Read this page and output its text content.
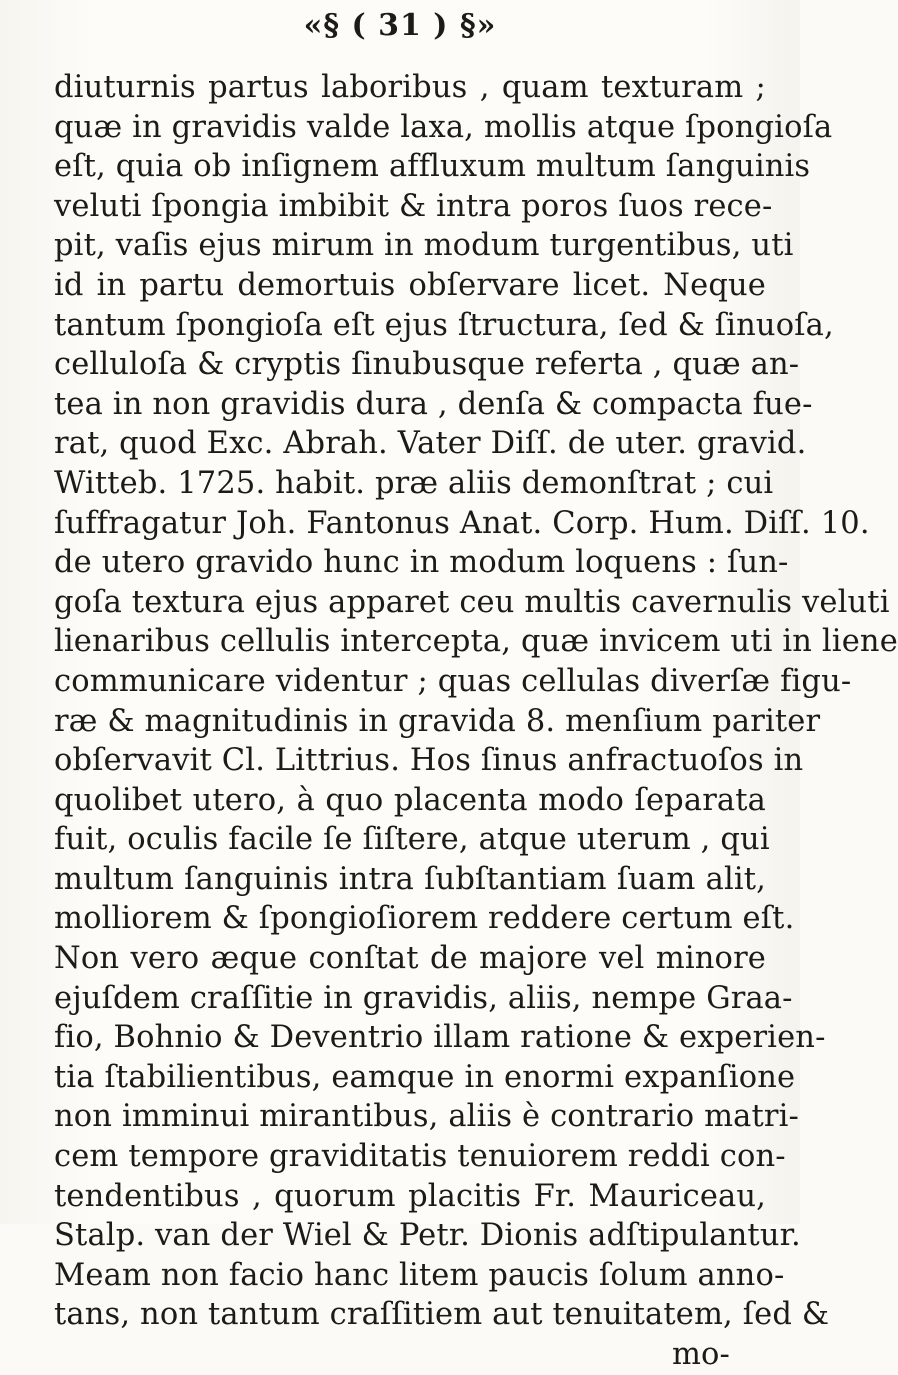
«§ ( 31 ) §»
diuturnis partus laboribus , quam texturam ;
quæ in gravidis valde laxa, mollis atque ſpongioſa
eſt, quia ob inſignem affluxum multum ſanguinis
veluti ſpongia imbibit & intra poros ſuos rece-
pit, vaſis ejus mirum in modum turgentibus, uti
id in partu demortuis obſervare licet. Neque
tantum ſpongioſa eſt ejus ſtructura, ſed & ſinuoſa,
celluloſa & cryptis ſinubusque referta , quæ an-
tea in non gravidis dura , denſa & compacta fue-
rat, quod Exc. Abrah. Vater Diſſ. de uter. gravid.
Witteb. 1725. habit. præ aliis demonſtrat ; cui
ſuffragatur Joh. Fantonus Anat. Corp. Hum. Diſſ. 10.
de utero gravido hunc in modum loquens : ſun-
goſa textura ejus apparet ceu multis cavernulis veluti
lienaribus cellulis intercepta, quæ invicem uti in liene
communicare videntur ; quas cellulas diverſæ figu-
ræ & magnitudinis in gravida 8. menſium pariter
obſervavit Cl. Littrius. Hos ſinus anfractuoſos in
quolibet utero, à quo placenta modo ſeparata
fuit, oculis facile ſe ſiſtere, atque uterum , qui
multum ſanguinis intra ſubſtantiam ſuam alit,
molliorem & ſpongioſiorem reddere certum eſt.
Non vero æque conſtat de majore vel minore
ejuſdem craſſitie in gravidis, aliis, nempe Graa-
fio, Bohnio & Deventrio illam ratione & experien-
tia ſtabilientibus, eamque in enormi expanſione
non imminui mirantibus, aliis è contrario matri-
cem tempore graviditatis tenuiorem reddi con-
tendentibus , quorum placitis Fr. Mauriceau,
Stalp. van der Wiel & Petr. Dionis adſtipulantur.
Meam non facio hanc litem paucis ſolum anno-
tans, non tantum craſſitiem aut tenuitatem, ſed &
mo-
